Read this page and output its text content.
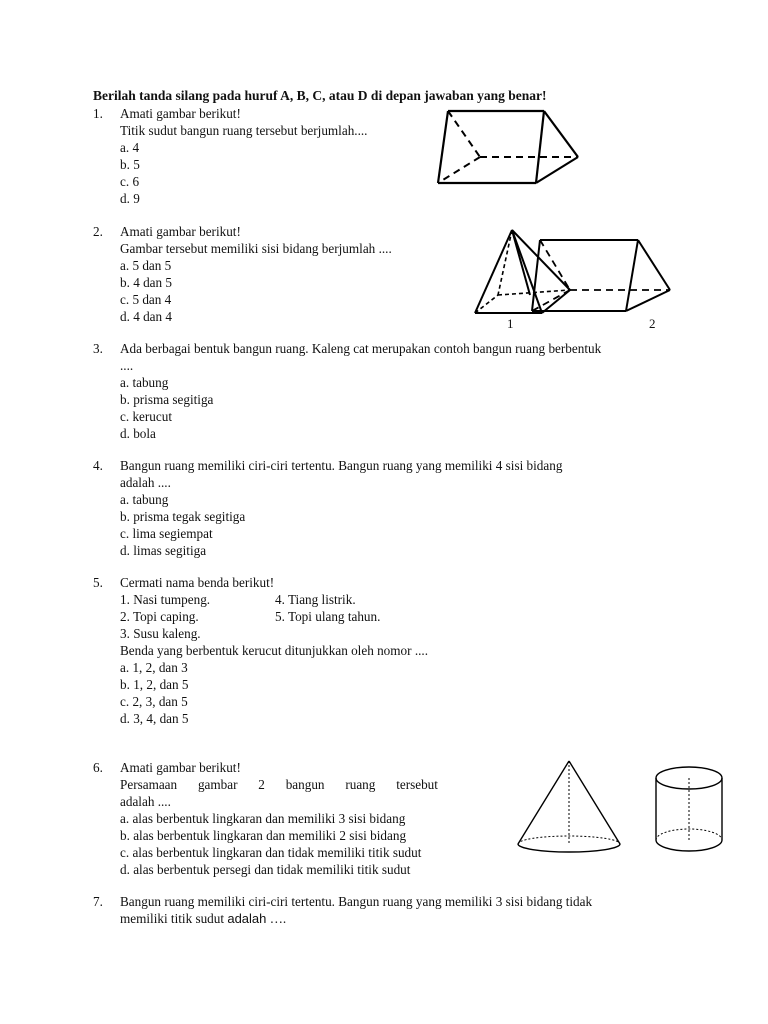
Berilah tanda silang pada huruf A, B, C, atau D di depan jawaban yang benar!
1. Amati gambar berikut!
Titik sudut bangun ruang tersebut berjumlah....
a. 4
b. 5
c. 6
d. 9
2. Amati gambar berikut!
Gambar tersebut memiliki sisi bidang berjumlah ....
a. 5 dan 5
b. 4 dan 5
c. 5 dan 4
d. 4 dan 4	1	2
3. Ada berbagai bentuk bangun ruang. Kaleng cat merupakan contoh bangun ruang berbentuk
....
a. tabung
b. prisma segitiga
c. kerucut
d. bola
4. Bangun ruang memiliki ciri-ciri tertentu. Bangun ruang yang memiliki 4 sisi bidang
adalah ....
a. tabung
b. prisma tegak segitiga
c. lima segiempat
d. limas segitiga
5. Cermati nama benda berikut!
1. Nasi tumpeng.	4. Tiang listrik.
2. Topi caping.	5. Topi ulang tahun.
3. Susu kaleng.
Benda yang berbentuk kerucut ditunjukkan oleh nomor ....
a. 1, 2, dan 3
b. 1, 2, dan 5
c. 2, 3, dan 5
d. 3, 4, dan 5
6. Amati gambar berikut!
Persamaan gambar 2 bangun ruang tersebut
adalah ....
a. alas berbentuk lingkaran dan memiliki 3 sisi bidang
b. alas berbentuk lingkaran dan memiliki 2 sisi bidang
c. alas berbentuk lingkaran dan tidak memiliki titik sudut
d. alas berbentuk persegi dan tidak memiliki titik sudut
7. Bangun ruang memiliki ciri-ciri tertentu. Bangun ruang yang memiliki 3 sisi bidang tidak
memiliki titik sudut adalah ….
